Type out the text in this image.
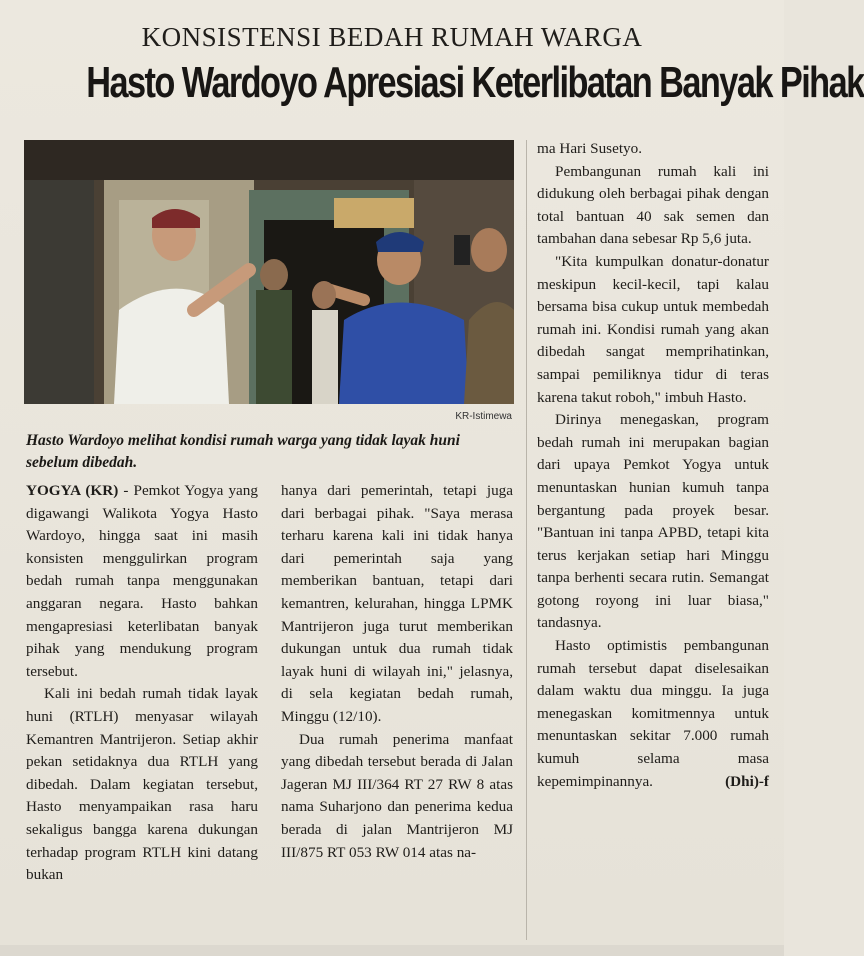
KONSISTENSI BEDAH RUMAH WARGA
Hasto Wardoyo Apresiasi Keterlibatan Banyak Pihak
KR-Istimewa
Hasto Wardoyo melihat kondisi rumah warga yang tidak layak huni sebelum dibedah.

YOGYA (KR) - Pemkot Yogya yang digawangi Walikota Yogya Hasto Wardoyo, hingga saat ini masih konsisten menggulirkan program bedah rumah tanpa menggunakan anggaran negara. Hasto bahkan mengapresiasi keterlibatan banyak pihak yang mendukung program tersebut.

Kali ini bedah rumah tidak layak huni (RTLH) menyasar wilayah Kemantren Mantrijeron. Setiap akhir pekan setidaknya dua RTLH yang dibedah. Dalam kegiatan tersebut, Hasto menyampaikan rasa haru sekaligus bangga karena dukungan terhadap program RTLH kini datang bukan

hanya dari pemerintah, tetapi juga dari berbagai pihak. "Saya merasa terharu karena kali ini tidak hanya dari pemerintah saja yang memberikan bantuan, tetapi dari kemantren, kelurahan, hingga LPMK Mantrijeron juga turut memberikan dukungan untuk dua rumah tidak layak huni di wilayah ini," jelasnya, di sela kegiatan bedah rumah, Minggu (12/10).

Dua rumah penerima manfaat yang dibedah tersebut berada di Jalan Jageran MJ III/364 RT 27 RW 8 atas nama Suharjono dan penerima kedua berada di jalan Mantrijeron MJ III/875 RT 053 RW 014 atas na-

ma Hari Susetyo.

Pembangunan rumah kali ini didukung oleh berbagai pihak dengan total bantuan 40 sak semen dan tambahan dana sebesar Rp 5,6 juta.

"Kita kumpulkan donatur-donatur meskipun kecil-kecil, tapi kalau bersama bisa cukup untuk membedah rumah ini. Kondisi rumah yang akan dibedah sangat memprihatinkan, sampai pemiliknya tidur di teras karena takut roboh," imbuh Hasto.

Dirinya menegaskan, program bedah rumah ini merupakan bagian dari upaya Pemkot Yogya untuk menuntaskan hunian kumuh tanpa bergantung pada proyek besar. "Bantuan ini tanpa APBD, tetapi kita terus kerjakan setiap hari Minggu tanpa berhenti secara rutin. Semangat gotong royong ini luar biasa," tandasnya.

Hasto optimistis pembangunan rumah tersebut dapat diselesaikan dalam waktu dua minggu. Ia juga menegaskan komitmennya untuk menuntaskan sekitar 7.000 rumah kumuh selama masa kepemimpinannya.	(Dhi)-f
